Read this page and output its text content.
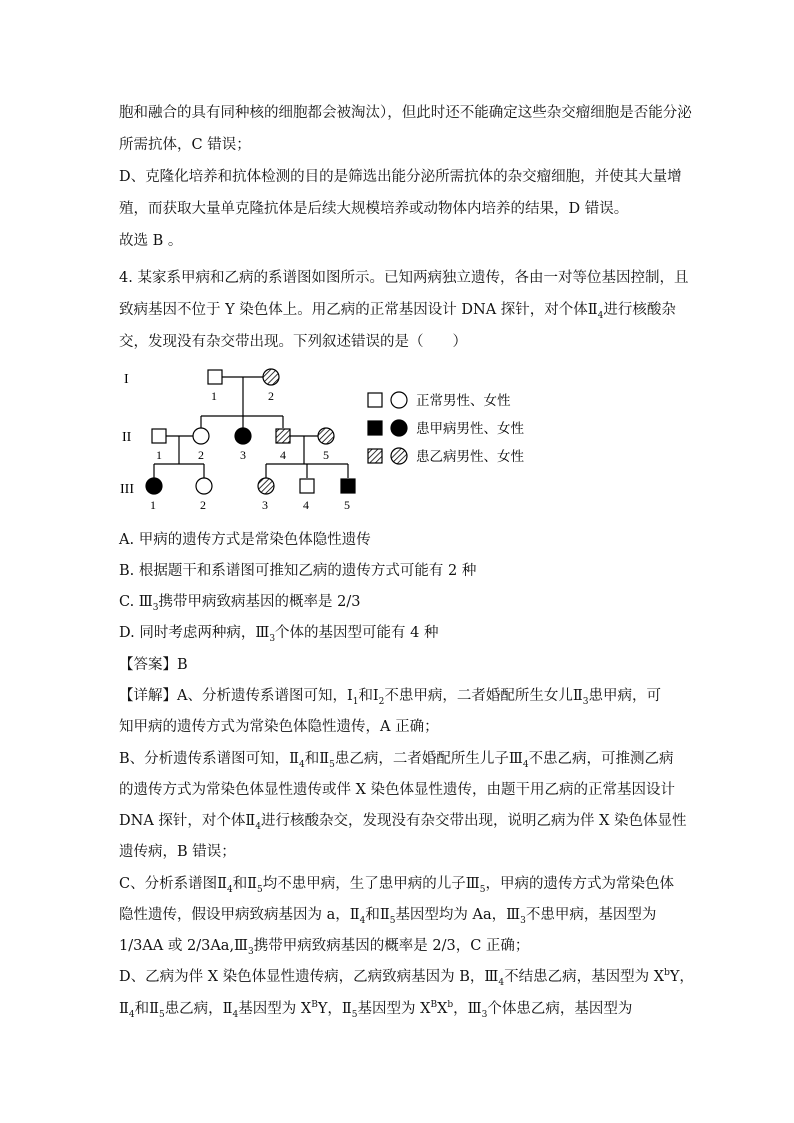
胞和融合的具有同种核的细胞都会被淘汰），但此时还不能确定这些杂交瘤细胞是否能分泌
所需抗体，C 错误；
D、克隆化培养和抗体检测的目的是筛选出能分泌所需抗体的杂交瘤细胞，并使其大量增
殖，而获取大量单克隆抗体是后续大规模培养或动物体内培养的结果，D 错误。
故选 B 。
4. 某家系甲病和乙病的系谱图如图所示。已知两病独立遗传，各由一对等位基因控制，且
致病基因不位于 Y 染色体上。用乙病的正常基因设计 DNA 探针，对个体$Ⅱ_4$进行核酸杂
交，发现没有杂交带出现。下列叙述错误的是（　　）
I
II
III
1	2
1	2	3	4	5
1	2	3	4	5
正常男性、女性
患甲病男性、女性
患乙病男性、女性
A. 甲病的遗传方式是常染色体隐性遗传
B. 根据题干和系谱图可推知乙病的遗传方式可能有 2 种
C. $Ⅲ_3$携带甲病致病基因的概率是 2/3
D. 同时考虑两种病，$Ⅲ_3$个体的基因型可能有 4 种
【答案】B
【详解】A、分析遗传系谱图可知，$Ⅰ_1$和$Ⅰ_2$不患甲病，二者婚配所生女儿$Ⅱ_3$患甲病，可
知甲病的遗传方式为常染色体隐性遗传，A 正确；
B、分析遗传系谱图可知，$Ⅱ_4$和$Ⅱ_5$患乙病，二者婚配所生儿子$Ⅲ_4$不患乙病，可推测乙病
的遗传方式为常染色体显性遗传或伴 X 染色体显性遗传，由题干用乙病的正常基因设计
DNA 探针，对个体$Ⅱ_4$进行核酸杂交，发现没有杂交带出现，说明乙病为伴 X 染色体显性
遗传病，B 错误；
C、分析系谱图$Ⅱ_4$和$Ⅱ_5$均不患甲病，生了患甲病的儿子$Ⅲ_5$，甲病的遗传方式为常染色体
隐性遗传，假设甲病致病基因为 a，$Ⅱ_4$和$Ⅱ_5$基因型均为 Aa，$Ⅲ_3$不患甲病，基因型为
1/3AA 或 $2/3Aa,Ⅲ_3$携带甲病致病基因的概率是 2/3，C 正确；
D、乙病为伴 X 染色体显性遗传病，乙病致病基因为 B，$Ⅲ_4$不结患乙病，基因型为 $X^bY$，
$Ⅱ_4$和$Ⅱ_5$患乙病，$Ⅱ_4$基因型为 $X^BY$，$Ⅱ_5$基因型为 $X^BX^b$，$Ⅲ_3$个体患乙病，基因型为
